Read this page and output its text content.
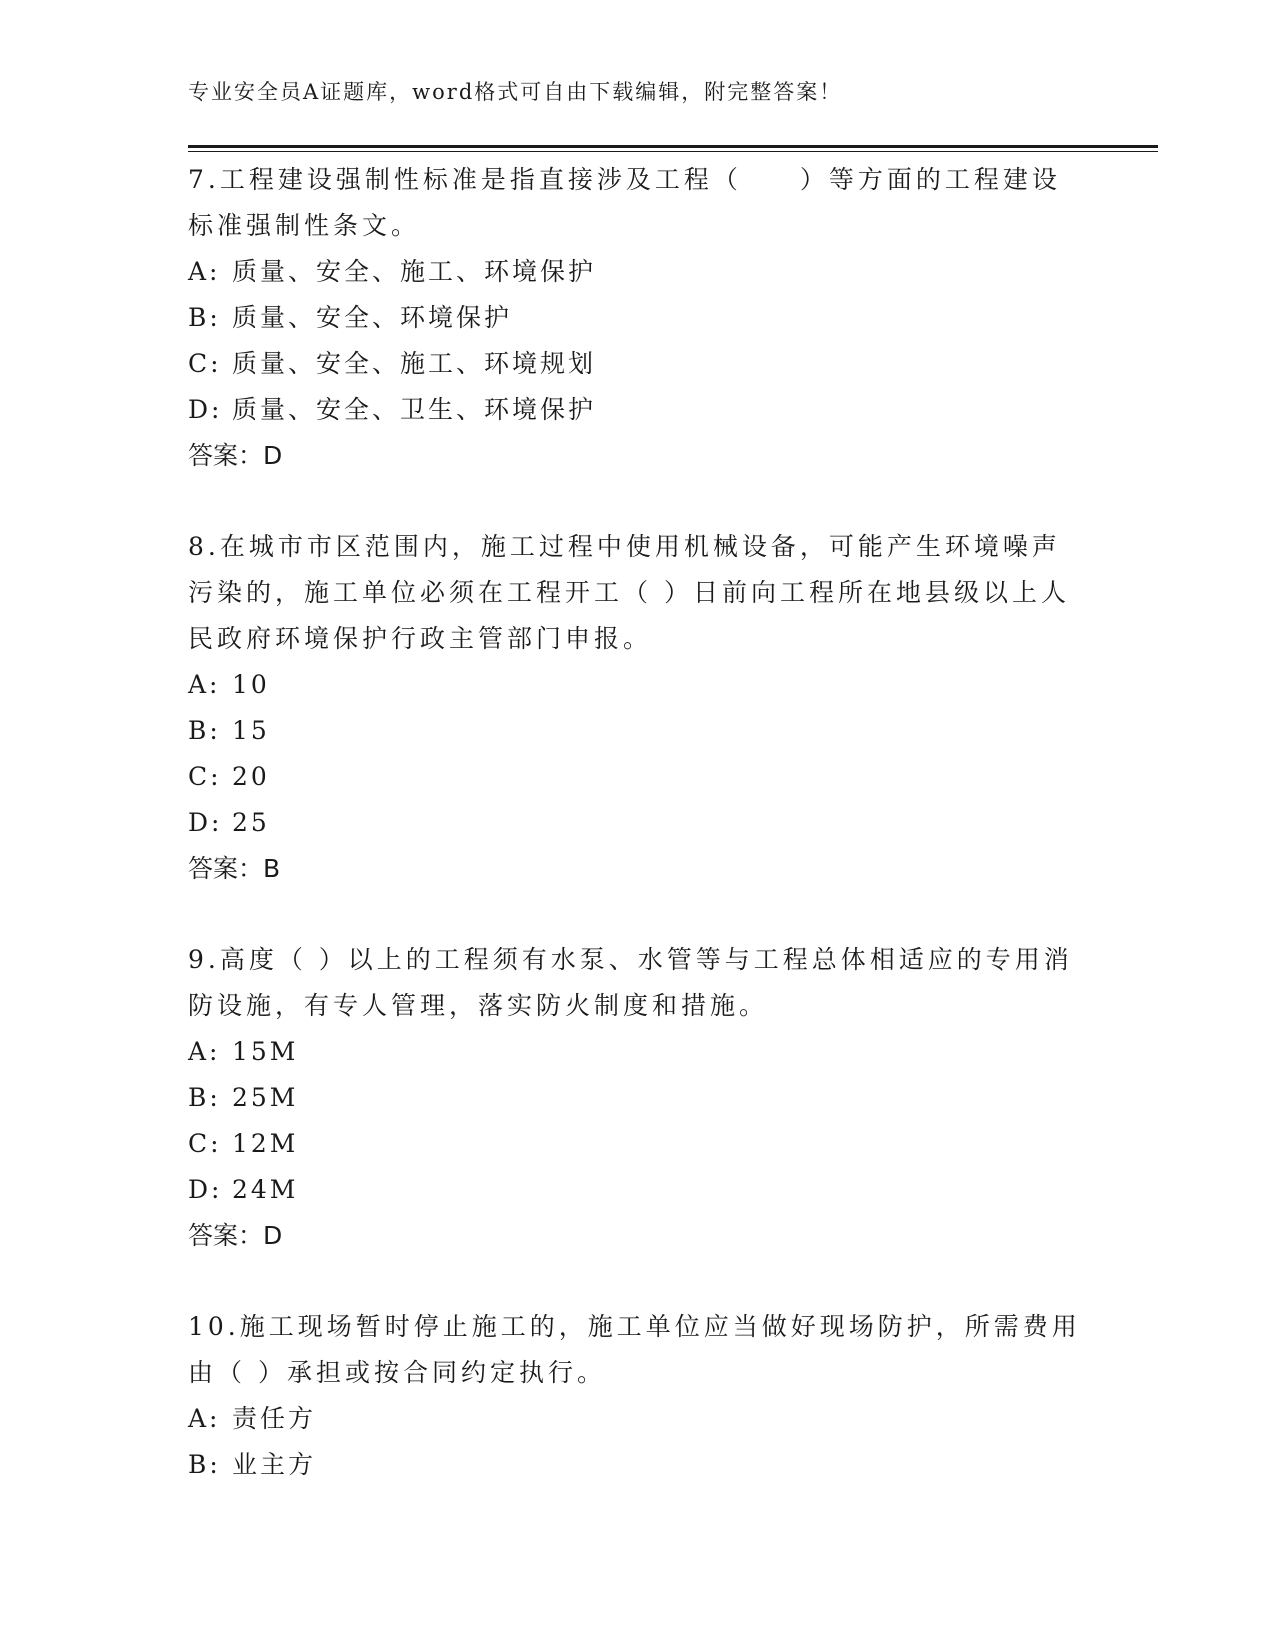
专业安全员A证题库，word格式可自由下载编辑，附完整答案！

7.工程建设强制性标准是指直接涉及工程（　　）等方面的工程建设标准强制性条文。

A: 质量、安全、施工、环境保护

B: 质量、安全、环境保护

C: 质量、安全、施工、环境规划

D: 质量、安全、卫生、环境保护

答案：D

8.在城市市区范围内，施工过程中使用机械设备，可能产生环境噪声污染的，施工单位必须在工程开工（ ）日前向工程所在地县级以上人民政府环境保护行政主管部门申报。

A: 10

B: 15

C: 20

D: 25

答案：B

9.高度（ ）以上的工程须有水泵、水管等与工程总体相适应的专用消防设施，有专人管理，落实防火制度和措施。

A: 15M

B: 25M

C: 12M

D: 24M

答案：D

10.施工现场暂时停止施工的，施工单位应当做好现场防护，所需费用由（ ）承担或按合同约定执行。

A: 责任方

B: 业主方
